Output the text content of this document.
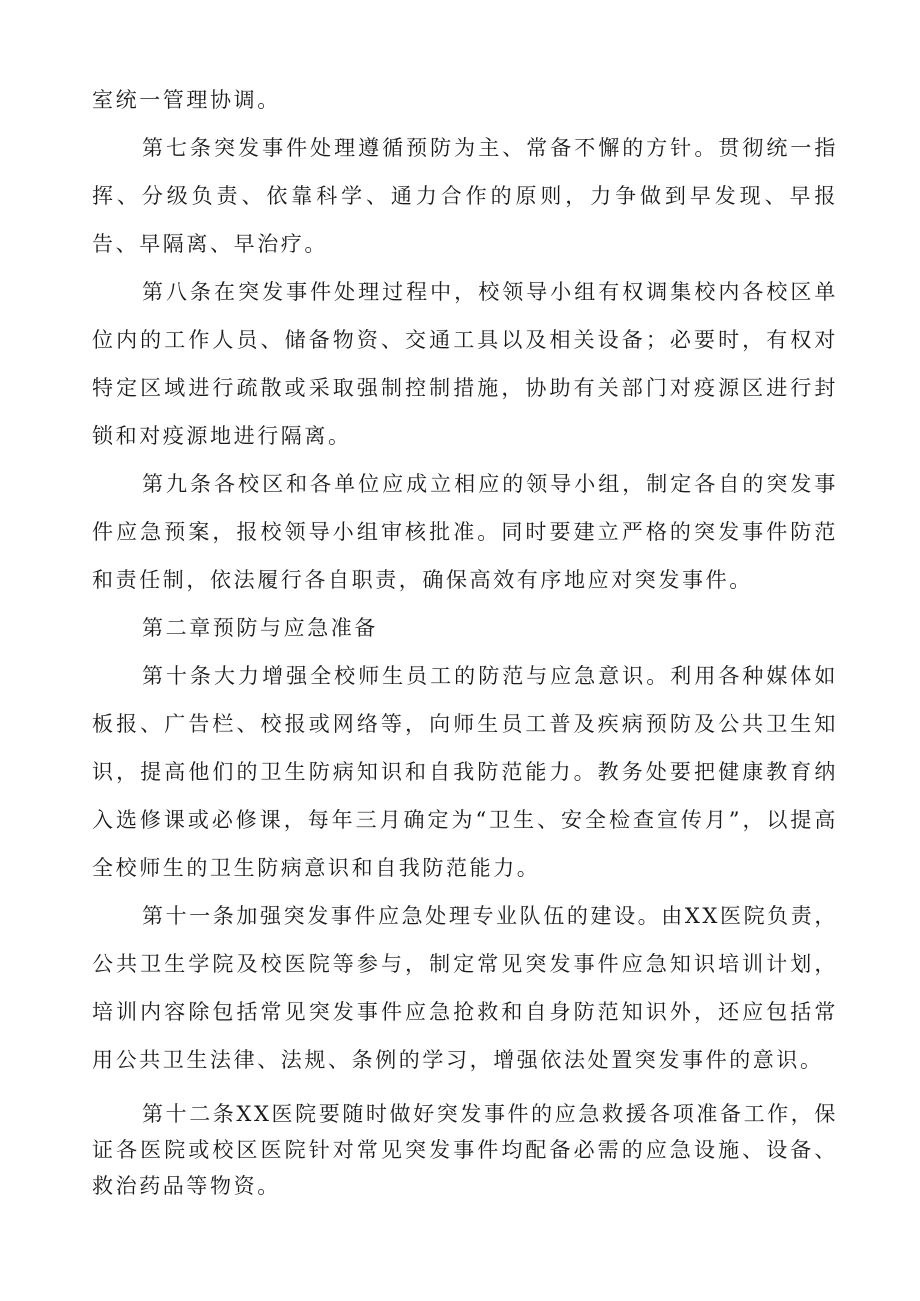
室统一管理协调。

第七条突发事件处理遵循预防为主、常备不懈的方针。贯彻统一指挥、分级负责、依靠科学、通力合作的原则，力争做到早发现、早报告、早隔离、早治疗。

第八条在突发事件处理过程中，校领导小组有权调集校内各校区单位内的工作人员、储备物资、交通工具以及相关设备；必要时，有权对特定区域进行疏散或采取强制控制措施，协助有关部门对疫源区进行封锁和对疫源地进行隔离。

第九条各校区和各单位应成立相应的领导小组，制定各自的突发事件应急预案，报校领导小组审核批准。同时要建立严格的突发事件防范和责任制，依法履行各自职责，确保高效有序地应对突发事件。

第二章预防与应急准备

第十条大力增强全校师生员工的防范与应急意识。利用各种媒体如板报、广告栏、校报或网络等，向师生员工普及疾病预防及公共卫生知识，提高他们的卫生防病知识和自我防范能力。教务处要把健康教育纳入选修课或必修课，每年三月确定为“卫生、安全检查宣传月”，以提高全校师生的卫生防病意识和自我防范能力。

第十一条加强突发事件应急处理专业队伍的建设。由XX医院负责，公共卫生学院及校医院等参与，制定常见突发事件应急知识培训计划，培训内容除包括常见突发事件应急抢救和自身防范知识外，还应包括常用公共卫生法律、法规、条例的学习，增强依法处置突发事件的意识。

第十二条XX医院要随时做好突发事件的应急救援各项准备工作，保证各医院或校区医院针对常见突发事件均配备必需的应急设施、设备、救治药品等物资。
